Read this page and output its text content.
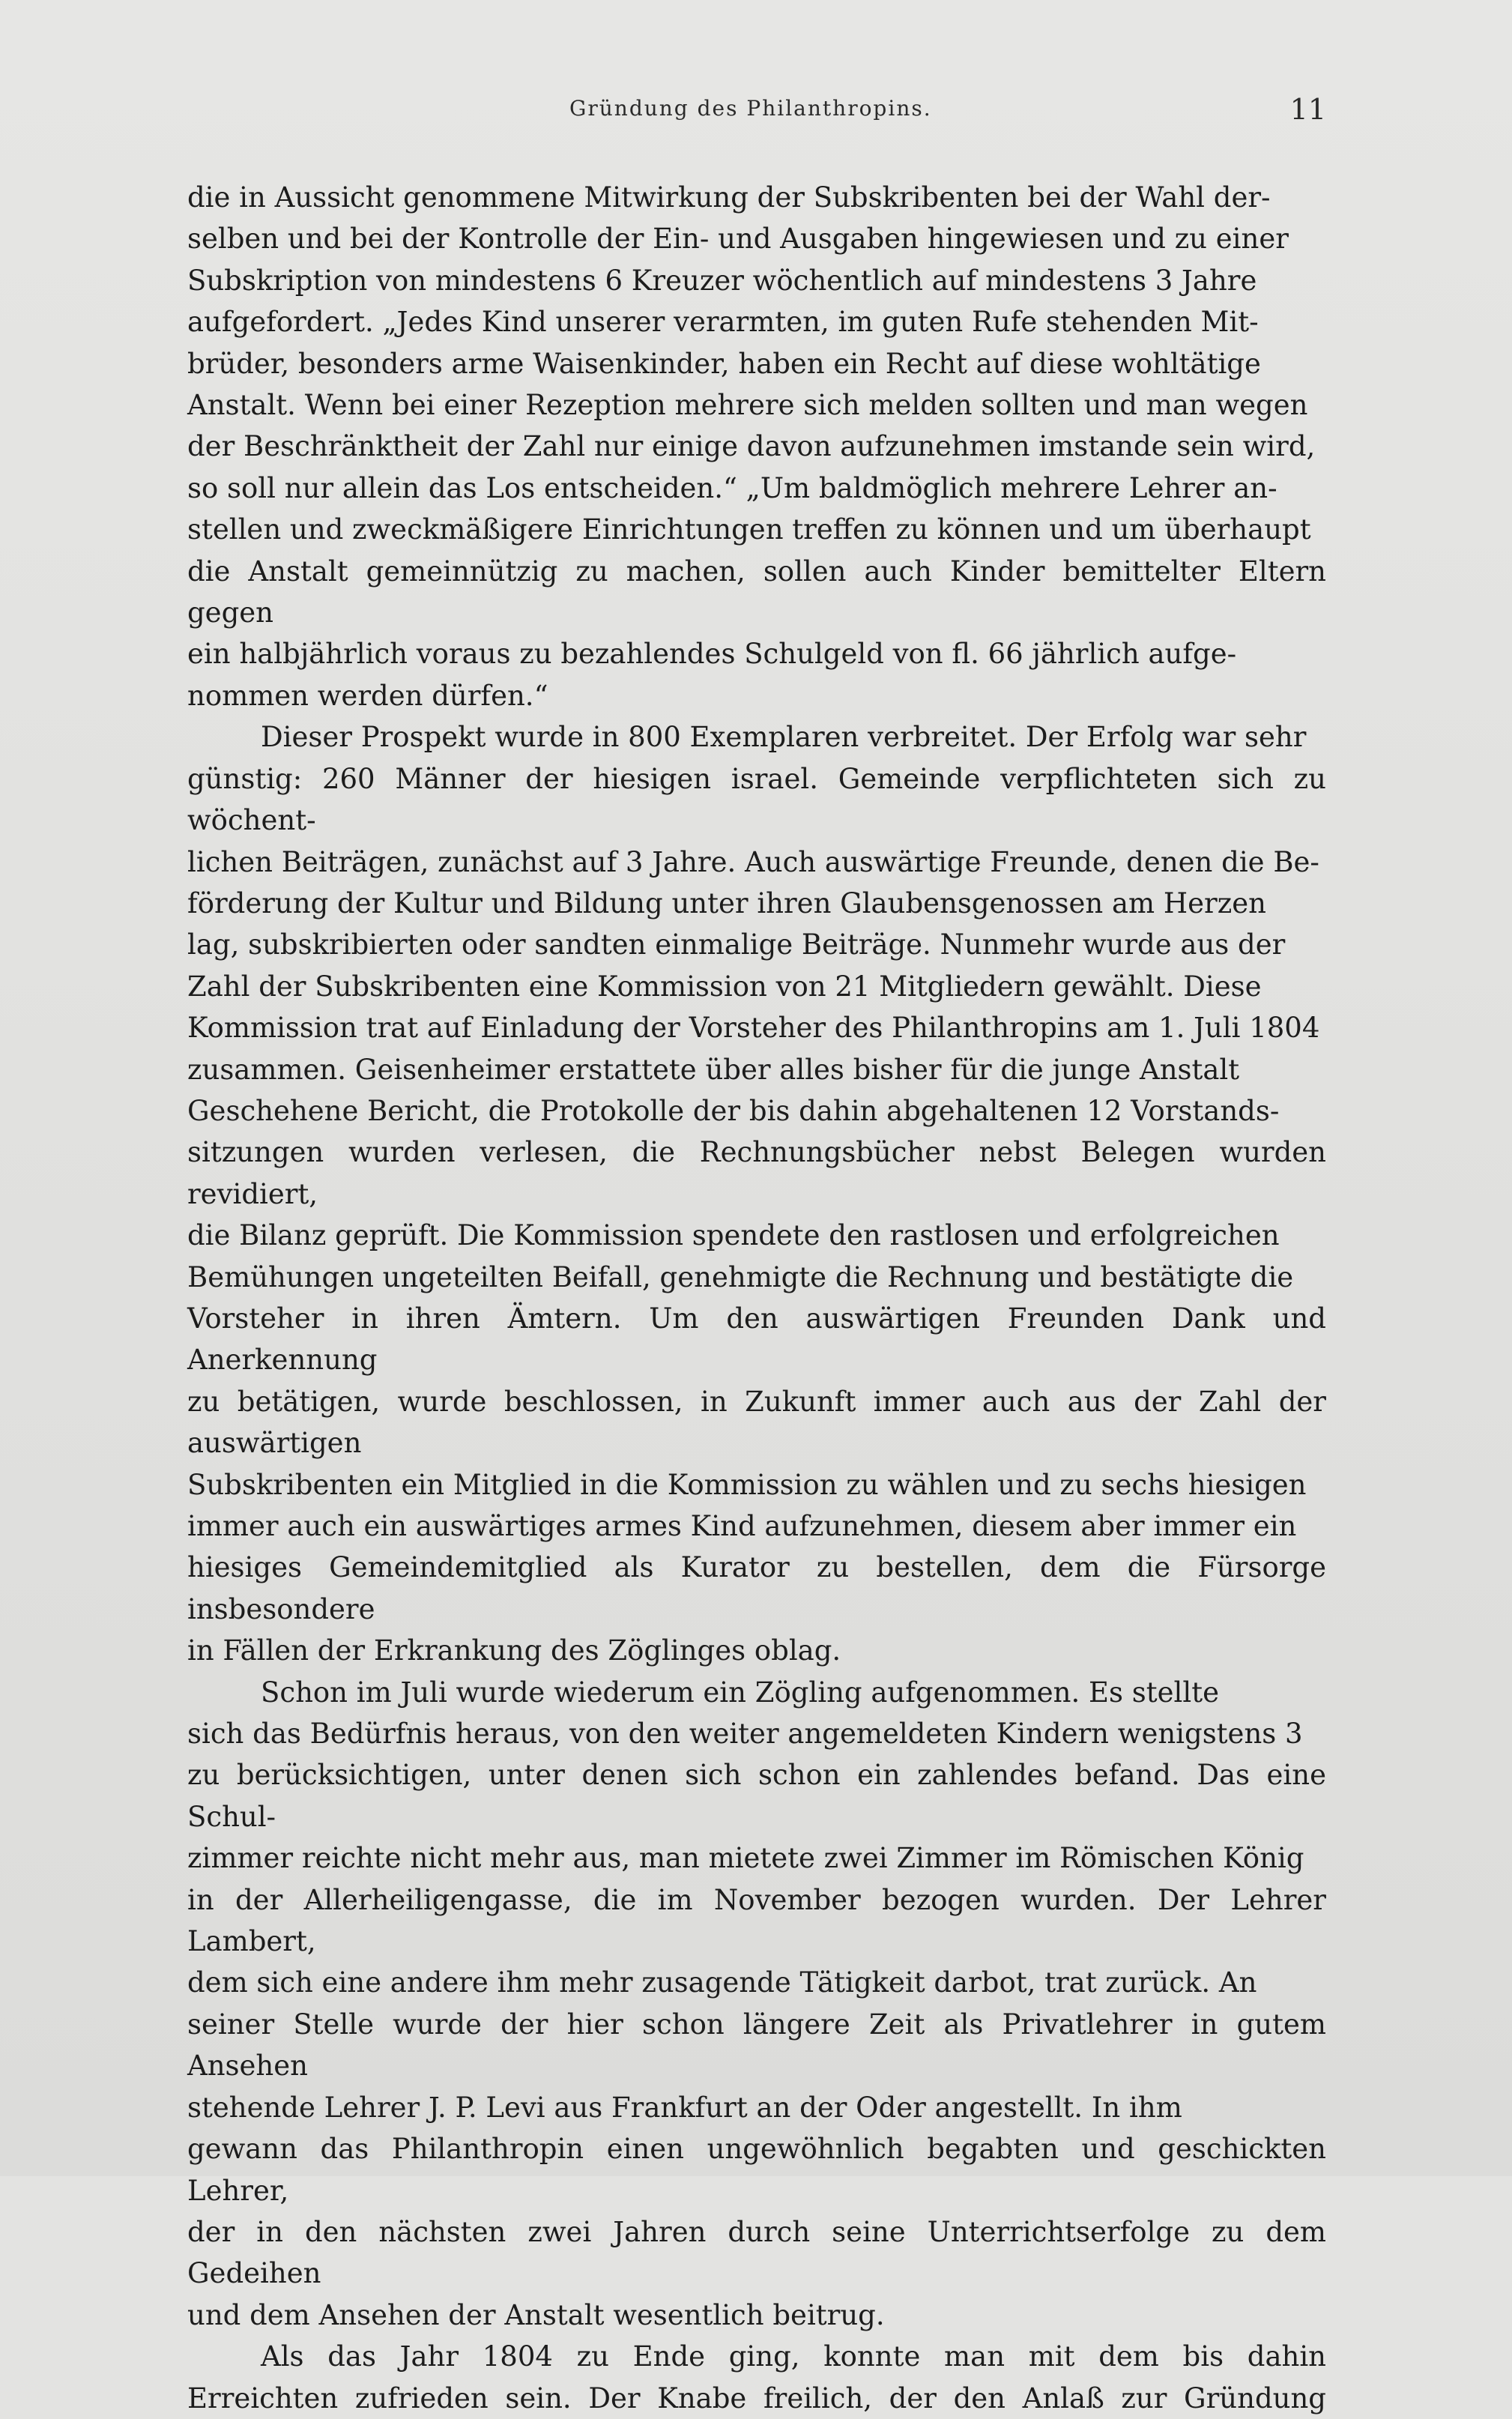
Gründung des Philanthropins.	11

die in Aussicht genommene Mitwirkung der Subskribenten bei der Wahl der-
selben und bei der Kontrolle der Ein- und Ausgaben hingewiesen und zu einer
Subskription von mindestens 6 Kreuzer wöchentlich auf mindestens 3 Jahre
aufgefordert. „Jedes Kind unserer verarmten, im guten Rufe stehenden Mit-
brüder, besonders arme Waisenkinder, haben ein Recht auf diese wohltätige
Anstalt. Wenn bei einer Rezeption mehrere sich melden sollten und man wegen
der Beschränktheit der Zahl nur einige davon aufzunehmen imstande sein wird,
so soll nur allein das Los entscheiden.“ „Um baldmöglich mehrere Lehrer an-
stellen und zweckmäßigere Einrichtungen treffen zu können und um überhaupt
die Anstalt gemeinnützig zu machen, sollen auch Kinder bemittelter Eltern gegen
ein halbjährlich voraus zu bezahlendes Schulgeld von fl. 66 jährlich aufge-
nommen werden dürfen.“

Dieser Prospekt wurde in 800 Exemplaren verbreitet. Der Erfolg war sehr
günstig: 260 Männer der hiesigen israel. Gemeinde verpflichteten sich zu wöchent-
lichen Beiträgen, zunächst auf 3 Jahre. Auch auswärtige Freunde, denen die Be-
förderung der Kultur und Bildung unter ihren Glaubensgenossen am Herzen
lag, subskribierten oder sandten einmalige Beiträge. Nunmehr wurde aus der
Zahl der Subskribenten eine Kommission von 21 Mitgliedern gewählt. Diese
Kommission trat auf Einladung der Vorsteher des Philanthropins am 1. Juli 1804
zusammen. Geisenheimer erstattete über alles bisher für die junge Anstalt
Geschehene Bericht, die Protokolle der bis dahin abgehaltenen 12 Vorstands-
sitzungen wurden verlesen, die Rechnungsbücher nebst Belegen wurden revidiert,
die Bilanz geprüft. Die Kommission spendete den rastlosen und erfolgreichen
Bemühungen ungeteilten Beifall, genehmigte die Rechnung und bestätigte die
Vorsteher in ihren Ämtern. Um den auswärtigen Freunden Dank und Anerkennung
zu betätigen, wurde beschlossen, in Zukunft immer auch aus der Zahl der auswärtigen
Subskribenten ein Mitglied in die Kommission zu wählen und zu sechs hiesigen
immer auch ein auswärtiges armes Kind aufzunehmen, diesem aber immer ein
hiesiges Gemeindemitglied als Kurator zu bestellen, dem die Fürsorge insbesondere
in Fällen der Erkrankung des Zöglinges oblag.

Schon im Juli wurde wiederum ein Zögling aufgenommen. Es stellte
sich das Bedürfnis heraus, von den weiter angemeldeten Kindern wenigstens 3
zu berücksichtigen, unter denen sich schon ein zahlendes befand. Das eine Schul-
zimmer reichte nicht mehr aus, man mietete zwei Zimmer im Römischen König
in der Allerheiligengasse, die im November bezogen wurden. Der Lehrer Lambert,
dem sich eine andere ihm mehr zusagende Tätigkeit darbot, trat zurück. An
seiner Stelle wurde der hier schon längere Zeit als Privatlehrer in gutem Ansehen
stehende Lehrer J. P. Levi aus Frankfurt an der Oder angestellt. In ihm
gewann das Philanthropin einen ungewöhnlich begabten und geschickten Lehrer,
der in den nächsten zwei Jahren durch seine Unterrichtserfolge zu dem Gedeihen
und dem Ansehen der Anstalt wesentlich beitrug.

Als das Jahr 1804 zu Ende ging, konnte man mit dem bis dahin
Erreichten zufrieden sein. Der Knabe freilich, der den Anlaß zur Gründung
